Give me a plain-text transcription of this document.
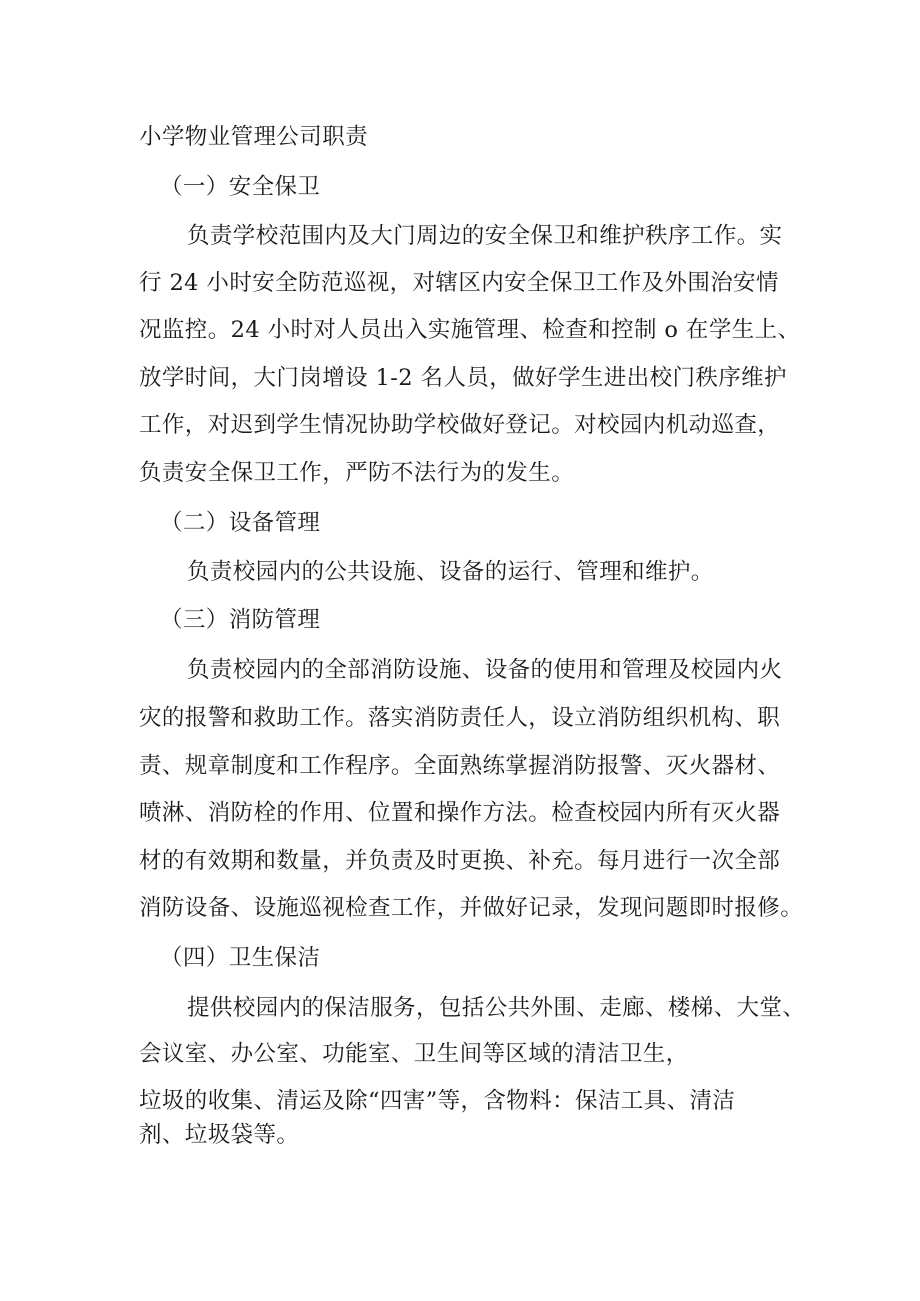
小学物业管理公司职责
（一）安全保卫
负责学校范围内及大门周边的安全保卫和维护秩序工作。实
行 24 小时安全防范巡视，对辖区内安全保卫工作及外围治安情
况监控。24 小时对人员出入实施管理、检查和控制 o 在学生上、
放学时间，大门岗增设 1-2 名人员，做好学生进出校门秩序维护
工作，对迟到学生情况协助学校做好登记。对校园内机动巡查，
负责安全保卫工作，严防不法行为的发生。
（二）设备管理
负责校园内的公共设施、设备的运行、管理和维护。
（三）消防管理
负责校园内的全部消防设施、设备的使用和管理及校园内火
灾的报警和救助工作。落实消防责任人，设立消防组织机构、职
责、规章制度和工作程序。全面熟练掌握消防报警、灭火器材、
喷淋、消防栓的作用、位置和操作方法。检查校园内所有灭火器
材的有效期和数量，并负责及时更换、补充。每月进行一次全部
消防设备、设施巡视检查工作，并做好记录，发现问题即时报修。
（四）卫生保洁
提供校园内的保洁服务，包括公共外围、走廊、楼梯、大堂、
会议室、办公室、功能室、卫生间等区域的清洁卫生，
垃圾的收集、清运及除“四害”等，含物料：保洁工具、清洁
剂、垃圾袋等。
